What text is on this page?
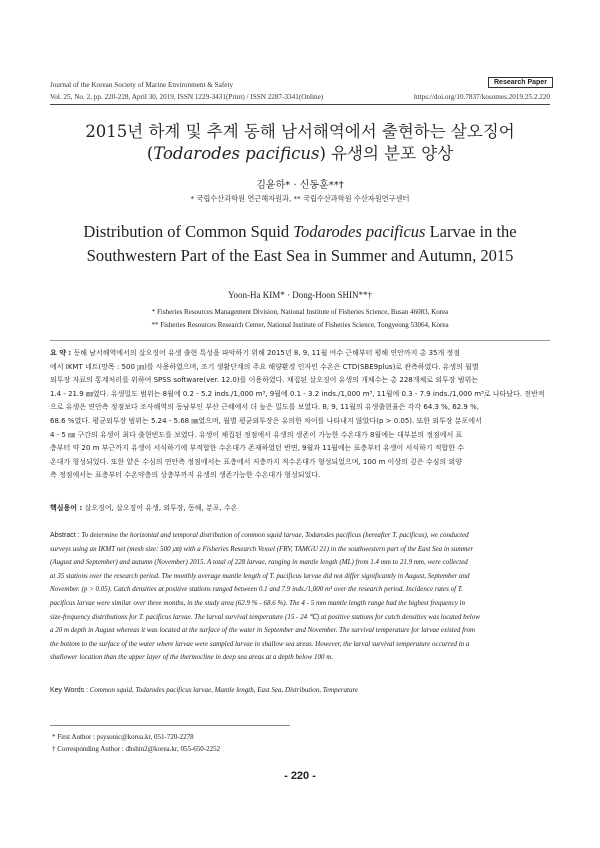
Journal of the Korean Society of Marine Environment & Safety	Research Paper
Vol. 25, No. 2, pp. 220-228, April 30, 2019, ISSN 1229-3431(Print) / ISSN 2287-3341(Online)	https://doi.org/10.7837/kosomes.2019.25.2.220
2015년 하계 및 추계 동해 남서해역에서 출현하는 살오징어
(Todarodes pacificus) 유생의 분포 양상
김윤하* · 신동훈**†
* 국립수산과학원 연근해자원과, ** 국립수산과학원 수산자원연구센터
Distribution of Common Squid Todarodes pacificus Larvae in the
Southwestern Part of the East Sea in Summer and Autumn, 2015
Yoon-Ha KIM* · Dong-Hoon SHIN**†
* Fisheries Resources Management Division, National Institute of Fisheries Science, Busan 46083, Korea
** Fisheries Resources Research Center, National Institute of Fisheries Science, Tongyeong 53064, Korea
요 약 : 동해 남서해역에서의 살오징어 유생 출현 특성을 파악하기 위해 2015년 8, 9, 11월 여수 근해부터 평해 연안까지 총 35개 정점
에서 IKMT 네트(망목 : 500 ㎛)를 사용하였으며, 조기 생활단계의 주요 해양환경 인자인 수온은 CTD(SBE9plus)로 관측하였다. 유생의 월별
외투장 자료의 통계처리를 위하여 SPSS software(ver. 12.0)를 이용하였다. 채집된 살오징어 유생의 개체수는 총 228개체로 외투장 범위는
1.4 - 21.9 ㎜였다. 유생밀도 범위는 8월에 0.2 - 5.2 inds./1,000 m³, 9월에 0.1 - 3.2 inds./1,000 m³, 11월에 0.3 - 7.9 inds./1,000 m³로 나타났다. 전반적
으로 유생은 연안측 정점보다 조사해역의 동남부인 부산 근해에서 더 높은 밀도를 보였다. 8, 9, 11월의 유생출현율은 각각 64.3 %, 62.9 %,
68.6 %였다. 평균외투장 범위는 5.24 - 5.68 ㎜였으며, 월별 평균외투장은 유의한 차이를 나타내지 않았다(p > 0.05). 또한 외투장 분포에서
4 - 5 ㎜ 구간의 유생이 최다 출현빈도를 보였다. 유생이 채집된 정점에서 유생의 생존이 가능한 수온대가 8월에는 대부분의 정점에서 표
층부터 약 20 m 부근까지 유생이 서식하기에 부적합한 수온대가 존재하였던 반면, 9월과 11월에는 표층부터 유생이 서식하기 적합한 수
온대가 형성되었다. 또한 얕은 수심의 연안측 정점에서는 표층에서 저층까지 적수온대가 형성되었으며, 100 m 이상의 깊은 수심의 외양
측 정점에서는 표층부터 수온약층의 상층부까지 유생의 생존가능한 수온대가 형성되었다.
핵심용어 : 살오징어, 살오징어 유생, 외투장, 동해, 분포, 수온
Abstract : To determine the horizontal and temporal distribution of common squid larvae, Todarodes pacificus (hereafter T. pacificus), we conducted
surveys using an IKMT net (mesh size: 500 ㎛) with a Fisheries Research Vessel (FRV, TAMGU 21) in the southwestern part of the East Sea in summer
(August and September) and autumn (November) 2015. A total of 228 larvae, ranging in mantle length (ML) from 1.4 mm to 21.9 mm, were collected
at 35 stations over the research period. The monthly average mantle length of T. pacificus larvae did not differ significantly in August, September and
November. (p > 0.05). Catch densities at positive stations ranged between 0.1 and 7.9 inds./1,000 m³ over the research period. Incidence rates of T.
pacificus larvae were similar over three months, in the study area (62.9 % - 68.6 %). The 4 - 5 mm mantle length range had the highest frequency in
size-frequency distributions for T. pacificus larvae. The larval survival temperature (15 - 24 ℃) at positive stations for catch densities was located below
a 20 m depth in August whereas it was located at the surface of the water in September and November. The survival temperature for larvae existed from
the bottom to the surface of the water where larvae were sampled larvae in shallow sea areas. However, the larval survival temperature occurred in a
shallower location than the upper layer of the thermocline in deep sea areas at a depth below 100 m.
Key Words : Common squid, Todarodes pacificus larvae, Mantle length, East Sea, Distribution, Temperature
* First Author : psysonic@korea.kr, 051-720-2278
† Corresponding Author : dhshin2@korea.kr, 055-650-2252
- 220 -
